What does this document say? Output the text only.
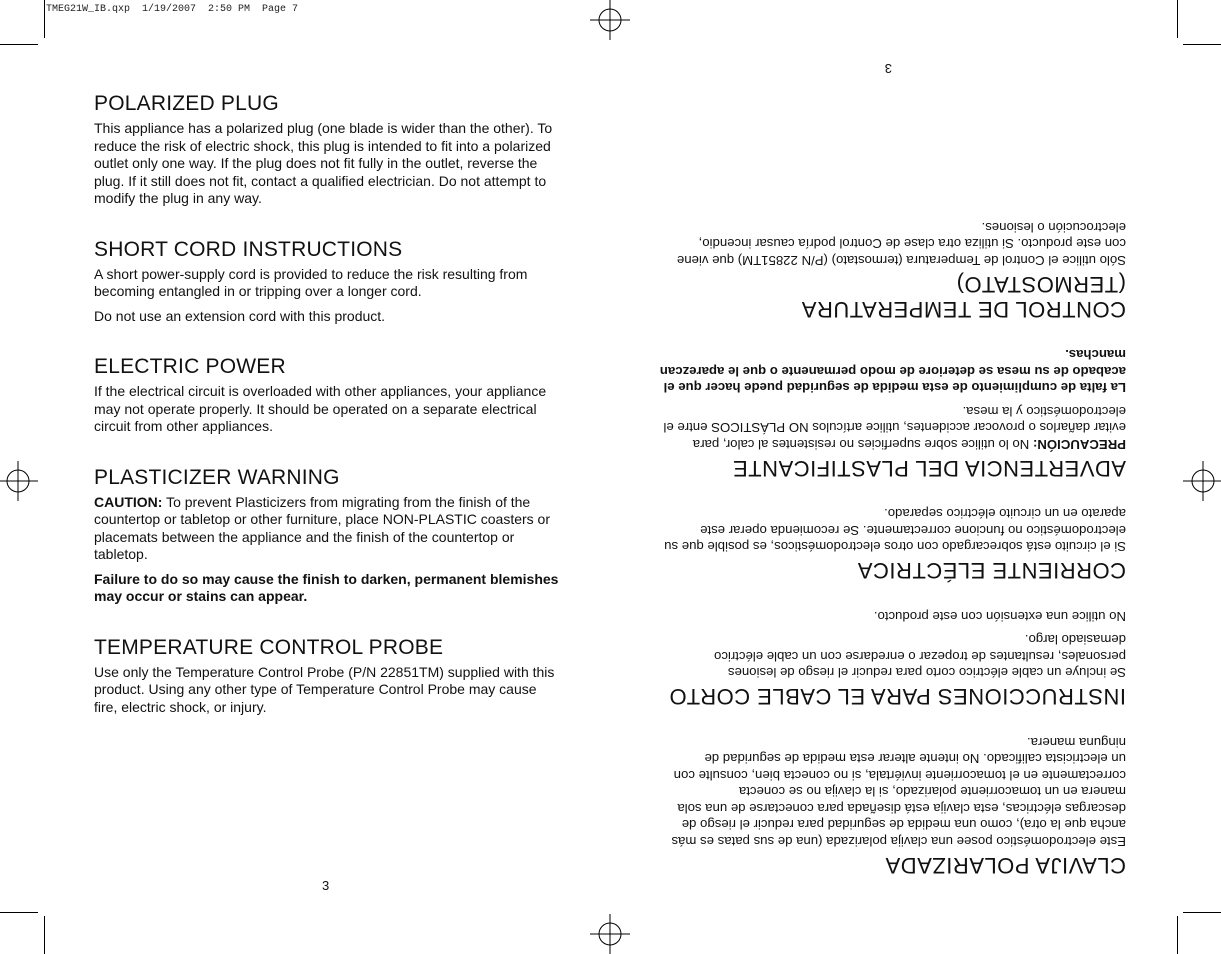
TMEG21W_IB.qxp  1/19/2007  2:50 PM  Page 7
POLARIZED PLUG

This appliance has a polarized plug (one blade is wider than the other). To reduce the risk of electric shock, this plug is intended to fit into a polarized outlet only one way. If the plug does not fit fully in the outlet, reverse the plug. If it still does not fit, contact a qualified electrician. Do not attempt to modify the plug in any way.

SHORT CORD INSTRUCTIONS

A short power-supply cord is provided to reduce the risk resulting from becoming entangled in or tripping over a longer cord.

Do not use an extension cord with this product.

ELECTRIC POWER

If the electrical circuit is overloaded with other appliances, your appliance may not operate properly. It should be operated on a separate electrical circuit from other appliances.

PLASTICIZER WARNING

CAUTION: To prevent Plasticizers from migrating from the finish of the countertop or tabletop or other furniture, place NON-PLASTIC coasters or placemats between the appliance and the finish of the countertop or tabletop.

Failure to do so may cause the finish to darken, permanent blemishes may occur or stains can appear.

TEMPERATURE CONTROL PROBE

Use only the Temperature Control Probe (P/N 22851TM) supplied with this product. Using any other type of Temperature Control Probe may cause fire, electric shock, or injury.

3
CLAVIJA POLARIZADA

Este electrodoméstico posee una clavija polarizada (una de sus patas es más ancha que la otra), como una medida de seguridad para reducir el riesgo de descargas eléctricas, esta clavija está diseñada para conectarse de una sola manera en un tomacorriente polarizado, si la clavija no se conecta correctamente en el tomacorriente inviértala, si no conecta bien, consulte con un electricista calificado. No intente alterar esta medida de seguridad de ninguna manera.

INSTRUCCIONES PARA EL CABLE CORTO

Se incluye un cable eléctrico corto para reducir el riesgo de lesiones personales, resultantes de tropezar o enredarse con un cable eléctrico demasiado largo.

No utilice una extensión con este producto.

CORRIENTE ELÉCTRICA

Si el circuito está sobrecargado con otros electrodomésticos, es posible que su electrodoméstico no funcione correctamente. Se recomienda operar este aparato en un circuito eléctrico separado.

ADVERTENCIA DEL PLASTIFICANTE

PRECAUCIÓN: No lo utilice sobre superficies no resistentes al calor, para evitar dañarlos o provocar accidentes, utilice artículos NO PLÁSTICOS entre el electrodoméstico y la mesa.

La falta de cumplimiento de esta medida de seguridad puede hacer que el acabado de su mesa se deteriore de modo permanente o que le aparezcan manchas.

CONTROL DE TEMPERATURA (TERMOSTATO)

Sólo utilice el Control de Temperatura (termostato) (P/N 22851TM) que viene con este producto. Si utiliza otra clase de Control podría causar incendio, electrocución o lesiones.

3
